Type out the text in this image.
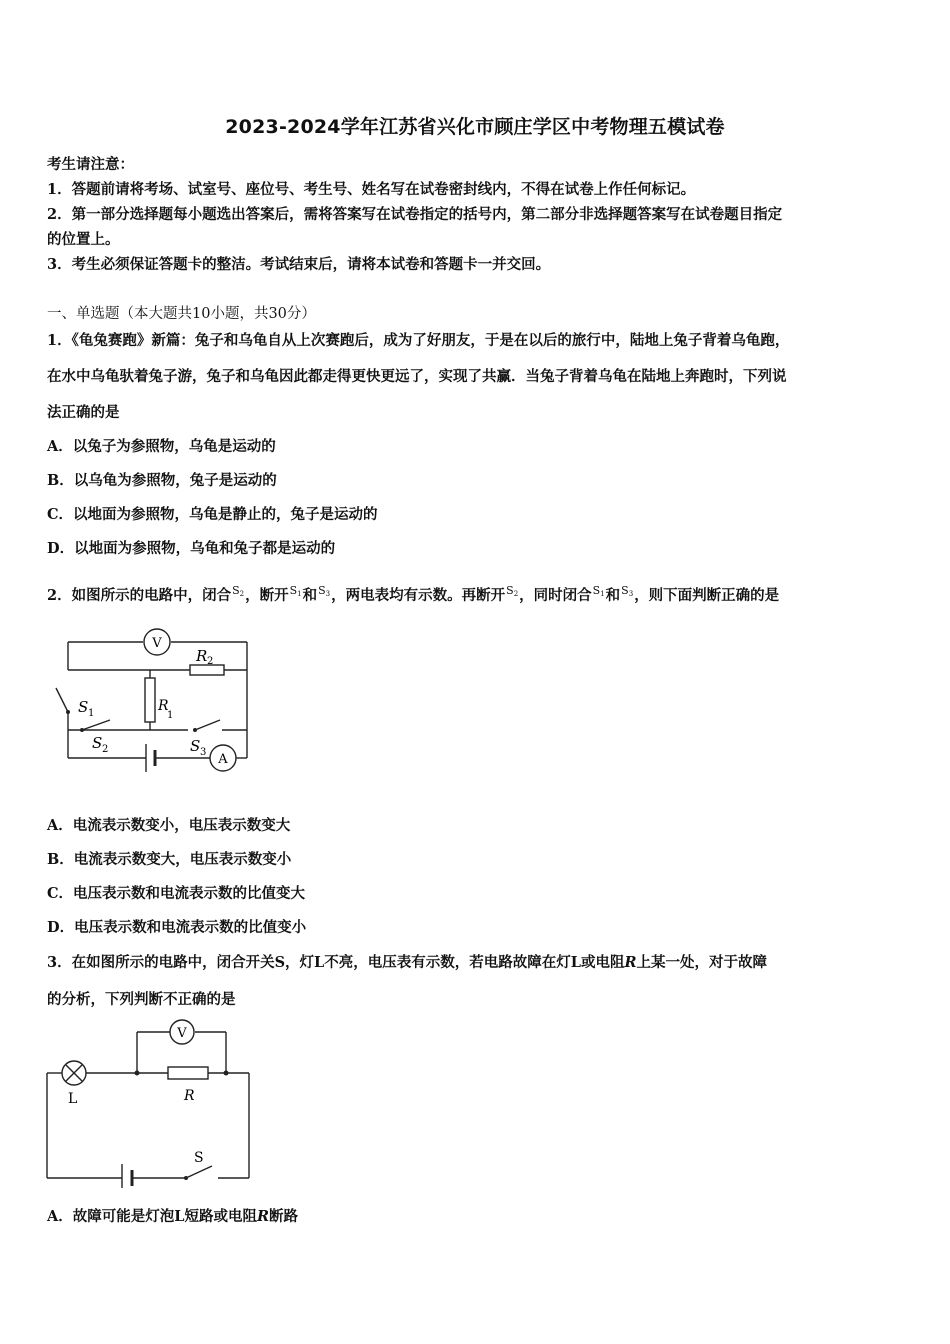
2023-2024学年江苏省兴化市顾庄学区中考物理五模试卷
考生请注意：
1．答题前请将考场、试室号、座位号、考生号、姓名写在试卷密封线内，不得在试卷上作任何标记。
2．第一部分选择题每小题选出答案后，需将答案写在试卷指定的括号内，第二部分非选择题答案写在试卷题目指定
的位置上。
3．考生必须保证答题卡的整洁。考试结束后，请将本试卷和答题卡一并交回。
一、单选题（本大题共10小题，共30分）
1．《龟兔赛跑》新篇：兔子和乌龟自从上次赛跑后，成为了好朋友，于是在以后的旅行中，陆地上兔子背着乌龟跑，
在水中乌龟驮着兔子游，兔子和乌龟因此都走得更快更远了，实现了共赢．当兔子背着乌龟在陆地上奔跑时，下列说
法正确的是
A．以兔子为参照物，乌龟是运动的
B．以乌龟为参照物，兔子是运动的
C．以地面为参照物，乌龟是静止的，兔子是运动的
D．以地面为参照物，乌龟和兔子都是运动的
2．如图所示的电路中，闭合$^{S_2}$，断开$^{S_1}$和$^{S_3}$，两电表均有示数。再断开$^{S_2}$，同时闭合$^{S_1}$和$^{S_3}$，则下面判断正确的是
V
R 2
R
1
S 1
S 2	S 3 A
A．电流表示数变小，电压表示数变大
B．电流表示数变大，电压表示数变小
C．电压表示数和电流表示数的比值变大
D．电压表示数和电流表示数的比值变小
3．在如图所示的电路中，闭合开关S，灯L不亮，电压表有示数，若电路故障在灯L或电阻R上某一处，对于故障
的分析，下列判断不正确的是
V
L	R
S
A．故障可能是灯泡L短路或电阻R断路
